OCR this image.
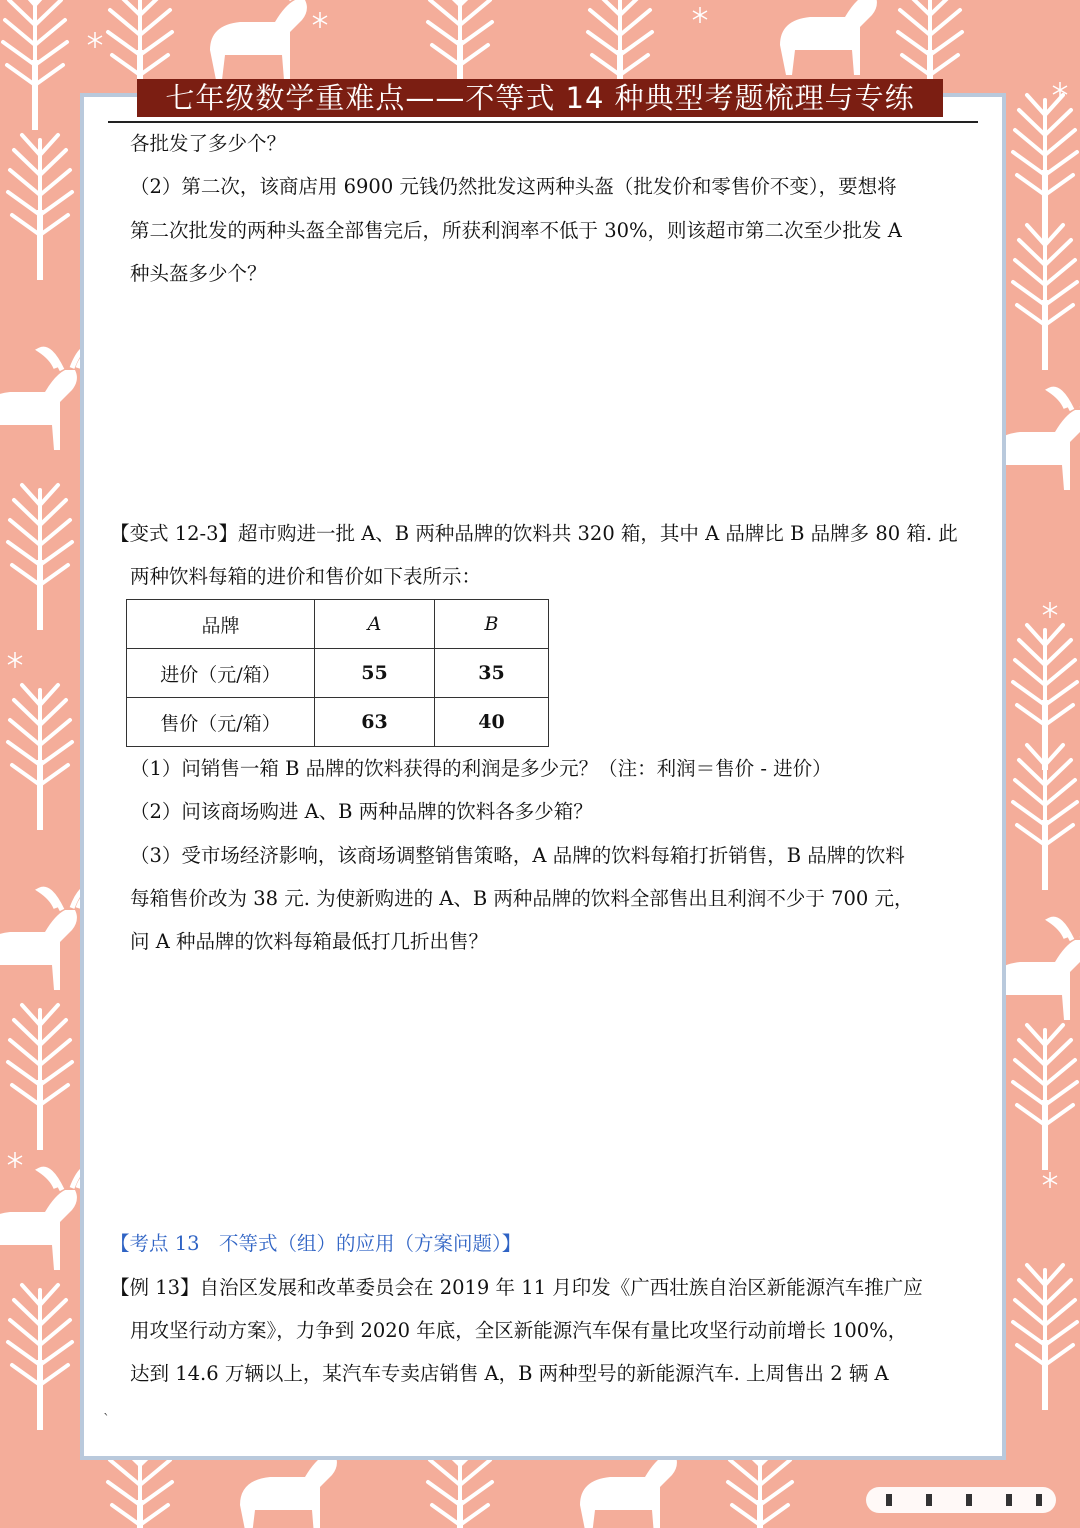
七年级数学重难点——不等式 14 种典型考题梳理与专练
各批发了多少个？
（2）第二次，该商店用 6900 元钱仍然批发这两种头盔（批发价和零售价不变），要想将
第二次批发的两种头盔全部售完后，所获利润率不低于 30%，则该超市第二次至少批发 A
种头盔多少个？
【变式 12-3】超市购进一批 A、B 两种品牌的饮料共 320 箱，其中 A 品牌比 B 品牌多 80 箱. 此
两种饮料每箱的进价和售价如下表所示：
品牌	A	B
进价（元/箱）	55	35
售价（元/箱）	63	40
（1）问销售一箱 B 品牌的饮料获得的利润是多少元？（注：利润＝售价 - 进价）
（2）问该商场购进 A、B 两种品牌的饮料各多少箱？
（3）受市场经济影响，该商场调整销售策略，A 品牌的饮料每箱打折销售，B 品牌的饮料
每箱售价改为 38 元. 为使新购进的 A、B 两种品牌的饮料全部售出且利润不少于 700 元，
问 A 种品牌的饮料每箱最低打几折出售？
【考点 13　不等式（组）的应用（方案问题）】
【例 13】自治区发展和改革委员会在 2019 年 11 月印发《广西壮族自治区新能源汽车推广应
用攻坚行动方案》，力争到 2020 年底，全区新能源汽车保有量比攻坚行动前增长 100%，
达到 14.6 万辆以上，某汽车专卖店销售 A，B 两种型号的新能源汽车. 上周售出 2 辆 A
`
